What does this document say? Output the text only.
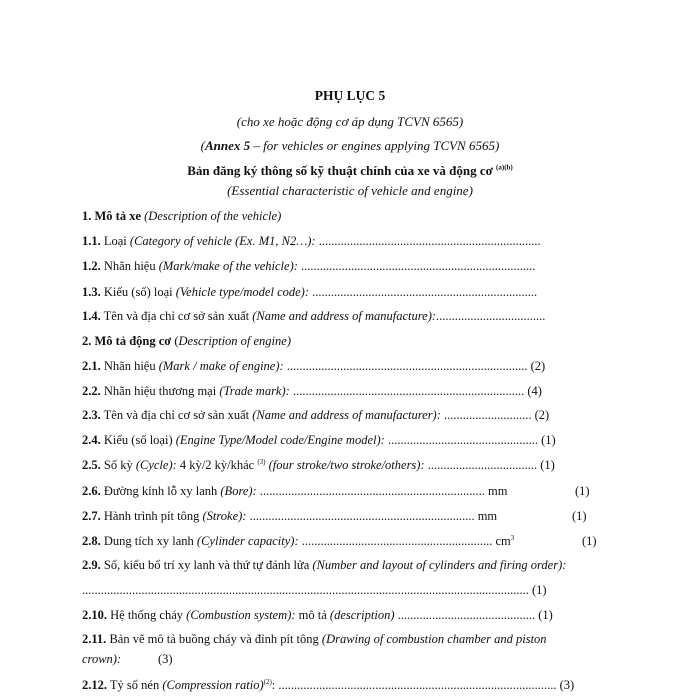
PHỤ LỤC 5
(cho xe hoặc động cơ áp dụng TCVN 6565)
(Annex 5 – for vehicles or engines applying TCVN 6565)
Bản đăng ký thông số kỹ thuật chính của xe và động cơ $^{(a)(b)}$
(Essential characteristic of vehicle and engine)
1. Mô tả xe (Description of the vehicle)
1.1. Loại (Category of vehicle (Ex. M1, N2…): .......................................................................
1.2. Nhãn hiệu (Mark/make of the vehicle): ...........................................................................
1.3. Kiểu (số) loại (Vehicle type/model code): ........................................................................
1.4. Tên và địa chỉ cơ sở sản xuất (Name and address of manufacture):...................................
2. Mô tả động cơ (Description of engine)
2.1. Nhãn hiệu (Mark / make of engine): ............................................................................. (2)
2.2. Nhãn hiệu thương mại (Trade mark): .......................................................................... (4)
2.3. Tên và địa chỉ cơ sở sản xuất (Name and address of manufacturer): ............................ (2)
2.4. Kiểu (số loại) (Engine Type/Model code/Engine model): ................................................ (1)
2.5. Số kỳ (Cycle): 4 kỳ/2 kỳ/khác $^{(3)}$ (four stroke/two stroke/others): ................................... (1)
2.6. Đường kính lỗ xy lanh (Bore): ........................................................................ mm	(1)
2.7. Hành trình pít tông (Stroke): ........................................................................ mm	(1)
2.8. Dung tích xy lanh (Cylinder capacity): ............................................................. $cm^3$	(1)
2.9. Số, kiểu bố trí xy lanh và thứ tự đánh lửa (Number and layout of cylinders and firing order):
............................................................................................................................................... (1)
2.10. Hệ thống cháy (Combustion system): mô tả (description) ............................................ (1)
2.11. Bản vẽ mô tả buồng cháy và đỉnh pít tông (Drawing of combustion chamber and piston
crown):	(3)
2.12. Tỷ số nén (Compression ratio)$^{(2)}$: ......................................................................................... (3)
